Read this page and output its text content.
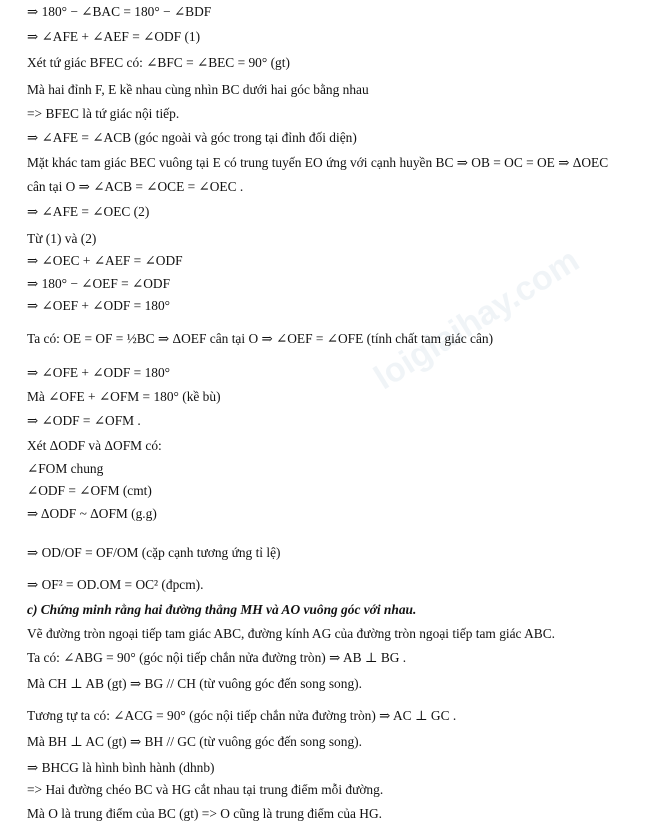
loigiaihay.com
⇒ 180° − ∠BAC = 180° − ∠BDF
⇒ ∠AFE + ∠AEF = ∠ODF (1)
Xét tứ giác BFEC có: ∠BFC = ∠BEC = 90° (gt)
Mà hai đỉnh F, E kề nhau cùng nhìn BC dưới hai góc bằng nhau
=> BFEC là tứ giác nội tiếp.
⇒ ∠AFE = ∠ACB (góc ngoài và góc trong tại đỉnh đối diện)
Mặt khác tam giác BEC vuông tại E có trung tuyến EO ứng với cạnh huyền BC ⇒ OB = OC = OE ⇒ ΔOEC
cân tại O ⇒ ∠ACB = ∠OCE = ∠OEC .
⇒ ∠AFE = ∠OEC (2)
Từ (1) và (2)
⇒ ∠OEC + ∠AEF = ∠ODF
⇒ 180° − ∠OEF = ∠ODF
⇒ ∠OEF + ∠ODF = 180°
Ta có: OE = OF = ½BC ⇒ ΔOEF cân tại O ⇒ ∠OEF = ∠OFE (tính chất tam giác cân)
⇒ ∠OFE + ∠ODF = 180°
Mà ∠OFE + ∠OFM = 180° (kề bù)
⇒ ∠ODF = ∠OFM .
Xét ΔODF và ΔOFM có:
∠FOM chung
∠ODF = ∠OFM (cmt)
⇒ ΔODF ~ ΔOFM (g.g)
⇒ OD/OF = OF/OM (cặp cạnh tương ứng tỉ lệ)
⇒ OF² = OD.OM = OC² (đpcm).
c) Chứng minh rằng hai đường thẳng MH và AO vuông góc với nhau.
Vẽ đường tròn ngoại tiếp tam giác ABC, đường kính AG của đường tròn ngoại tiếp tam giác ABC.
Ta có: ∠ABG = 90° (góc nội tiếp chắn nửa đường tròn) ⇒ AB ⊥ BG .
Mà CH ⊥ AB (gt) ⇒ BG // CH (từ vuông góc đến song song).
Tương tự ta có: ∠ACG = 90° (góc nội tiếp chắn nửa đường tròn) ⇒ AC ⊥ GC .
Mà BH ⊥ AC (gt) ⇒ BH // GC (từ vuông góc đến song song).
⇒ BHCG là hình bình hành (dhnb)
=> Hai đường chéo BC và HG cắt nhau tại trung điểm mỗi đường.
Mà O là trung điểm của BC (gt) => O cũng là trung điểm của HG.
